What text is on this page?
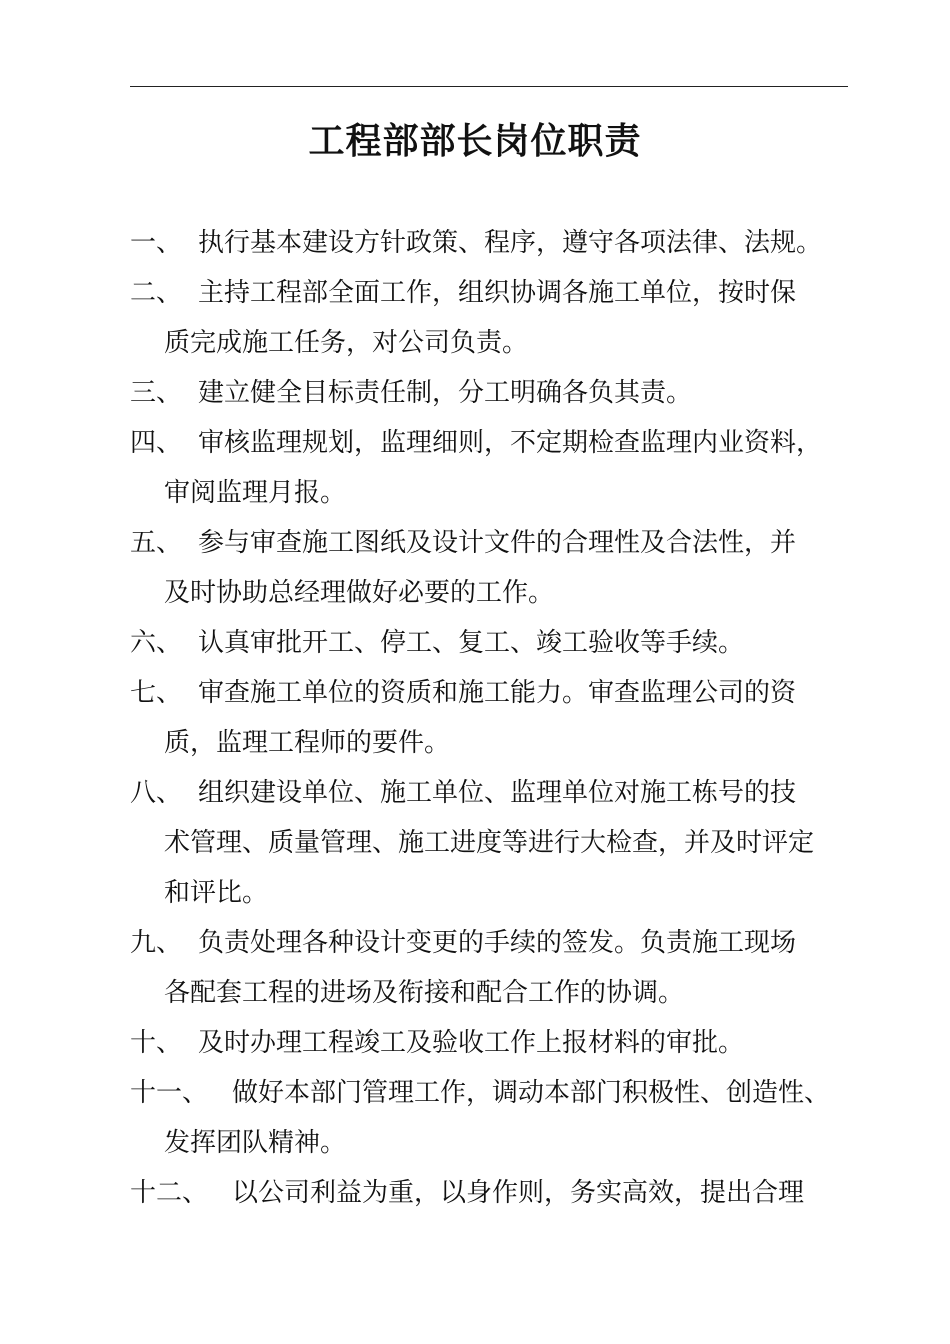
工程部部长岗位职责
一、 执行基本建设方针政策、程序，遵守各项法律、法规。
二、 主持工程部全面工作，组织协调各施工单位，按时保
质完成施工任务，对公司负责。
三、 建立健全目标责任制，分工明确各负其责。
四、 审核监理规划，监理细则，不定期检查监理内业资料，
审阅监理月报。
五、 参与审查施工图纸及设计文件的合理性及合法性，并
及时协助总经理做好必要的工作。
六、 认真审批开工、停工、复工、竣工验收等手续。
七、 审查施工单位的资质和施工能力。审查监理公司的资
质，监理工程师的要件。
八、 组织建设单位、施工单位、监理单位对施工栋号的技
术管理、质量管理、施工进度等进行大检查，并及时评定
和评比。
九、 负责处理各种设计变更的手续的签发。负责施工现场
各配套工程的进场及衔接和配合工作的协调。
十、 及时办理工程竣工及验收工作上报材料的审批。
十一、 做好本部门管理工作，调动本部门积极性、创造性、
发挥团队精神。
十二、 以公司利益为重，以身作则，务实高效，提出合理
